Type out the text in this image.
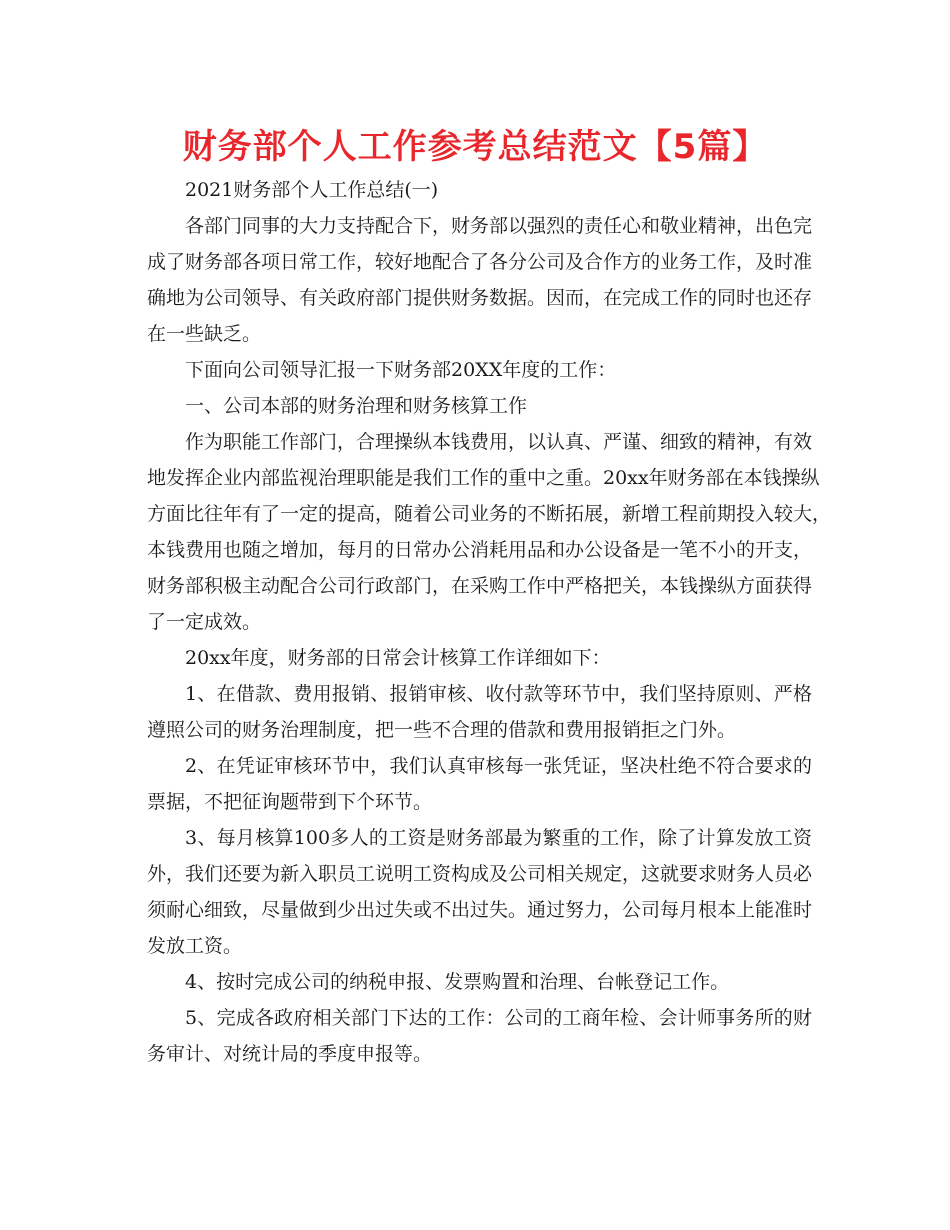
财务部个人工作参考总结范文【5篇】
2021财务部个人工作总结(一)
各部门同事的大力支持配合下，财务部以强烈的责任心和敬业精神，出色完
成了财务部各项日常工作，较好地配合了各分公司及合作方的业务工作，及时准
确地为公司领导、有关政府部门提供财务数据。因而，在完成工作的同时也还存
在一些缺乏。
下面向公司领导汇报一下财务部20XX年度的工作：
一、公司本部的财务治理和财务核算工作
作为职能工作部门，合理操纵本钱费用，以认真、严谨、细致的精神，有效
地发挥企业内部监视治理职能是我们工作的重中之重。20xx年财务部在本钱操纵
方面比往年有了一定的提高，随着公司业务的不断拓展，新增工程前期投入较大，
本钱费用也随之增加，每月的日常办公消耗用品和办公设备是一笔不小的开支，
财务部积极主动配合公司行政部门，在采购工作中严格把关，本钱操纵方面获得
了一定成效。
20xx年度，财务部的日常会计核算工作详细如下：
1、在借款、费用报销、报销审核、收付款等环节中，我们坚持原则、严格
遵照公司的财务治理制度，把一些不合理的借款和费用报销拒之门外。
2、在凭证审核环节中，我们认真审核每一张凭证，坚决杜绝不符合要求的
票据，不把征询题带到下个环节。
3、每月核算100多人的工资是财务部最为繁重的工作，除了计算发放工资
外，我们还要为新入职员工说明工资构成及公司相关规定，这就要求财务人员必
须耐心细致，尽量做到少出过失或不出过失。通过努力，公司每月根本上能准时
发放工资。
4、按时完成公司的纳税申报、发票购置和治理、台帐登记工作。
5、完成各政府相关部门下达的工作：公司的工商年检、会计师事务所的财
务审计、对统计局的季度申报等。
